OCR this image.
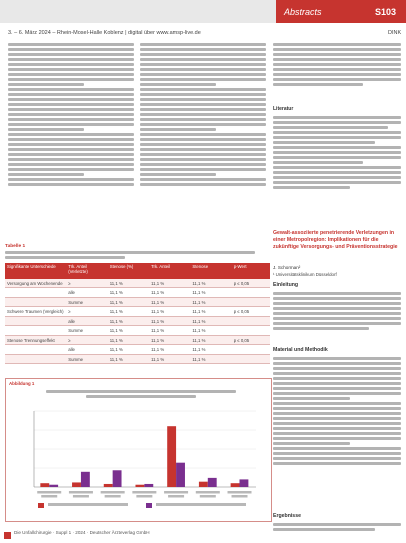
Abstracts	S103
3. – 6. März 2024 – Rhein-Mosel-Halle Koblenz | digital über www.amsp-live.de	DINK
Literatur
Gewalt-assoziierte penetrierende Verletzungen in einer Metropolregion: Implikationen für die zukünftige Versorgungs- und Präventionsstrategie
J. Schorman²
¹ Universitätsklinikum Düsseldorf
Einleitung
Material und Methodik
Ergebnisse
Tabelle 1
Signifikante Unterschiede	Trk. Anteil (Verletzte)	Stenose (%)	Trk. Anteil	Stenose	p-Wert
Versorgung am Wochenende	≥	11,1 %	11,1 %	11,1 %	p ≤ 0,05
	alle	11,1 %	11,1 %	11,1 %	
	Summe	11,1 %	11,1 %	11,1 %	
Schwere Traumen (Vergleich)	≥	11,1 %	11,1 %	11,1 %	p ≤ 0,05
	alle	11,1 %	11,1 %	11,1 %	
	Summe	11,1 %	11,1 %	11,1 %	
Stenose Trennungseffekt	≥	11,1 %	11,1 %	11,1 %	p ≤ 0,05
	alle	11,1 %	11,1 %	11,1 %	
	Summe	11,1 %	11,1 %	11,1 %	
Abbildung 1
Die Unfallchirurgie · Suppl 1 · 2024 · Deutscher Ärzteverlag GmbH
